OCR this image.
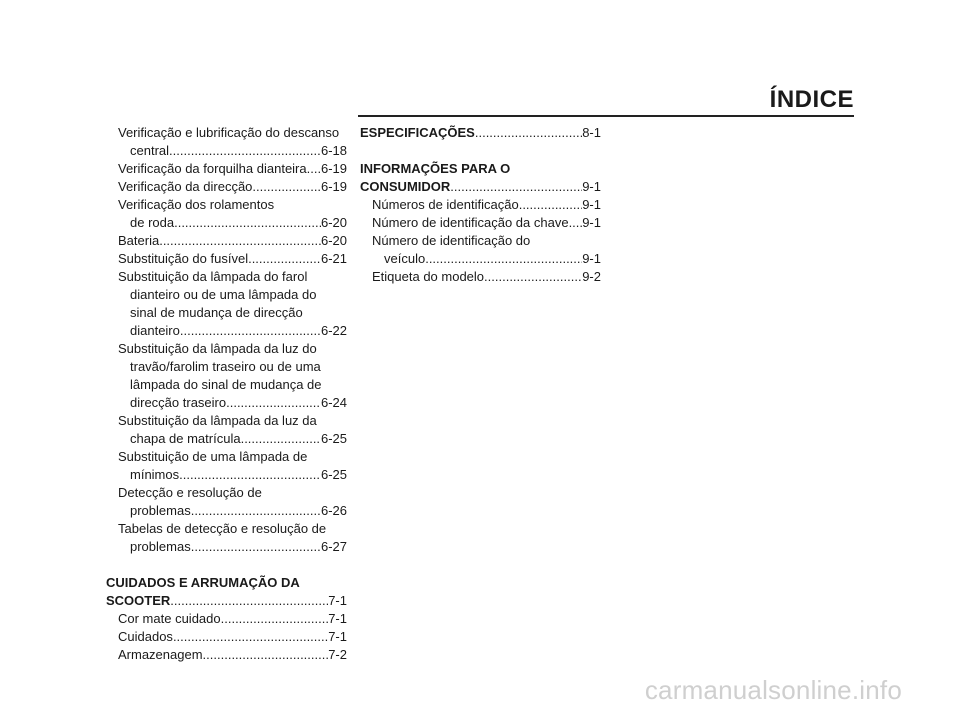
ÍNDICE
Verificação e lubrificação do descanso
central .....	6-18
Verificação da forquilha dianteira ..... 6-19
Verificação da direcção .....	6-19
Verificação dos rolamentos
de roda .....	6-20
Bateria .....	6-20
Substituição do fusível .....	6-21
Substituição da lâmpada do farol
dianteiro ou de uma lâmpada do
sinal de mudança de direcção
dianteiro .....	6-22
Substituição da lâmpada da luz do
travão/farolim traseiro ou de uma
lâmpada do sinal de mudança de
direcção traseiro .....	6-24
Substituição da lâmpada da luz da
chapa de matrícula .....	6-25
Substituição de uma lâmpada de
mínimos .....	6-25
Detecção e resolução de
problemas .....	6-26
Tabelas de detecção e resolução de
problemas .....	6-27
CUIDADOS E ARRUMAÇÃO DA
SCOOTER .....	7-1
Cor mate cuidado .....	7-1
Cuidados .....	7-1
Armazenagem .....	7-2
ESPECIFICAÇÕES .....	8-1
INFORMAÇÕES PARA O
CONSUMIDOR .....	9-1
Números de identificação .....	9-1
Número de identificação da chave ..... 9-1
Número de identificação do
veículo .....	9-1
Etiqueta do modelo .....	9-2
carmanualsonline.info
